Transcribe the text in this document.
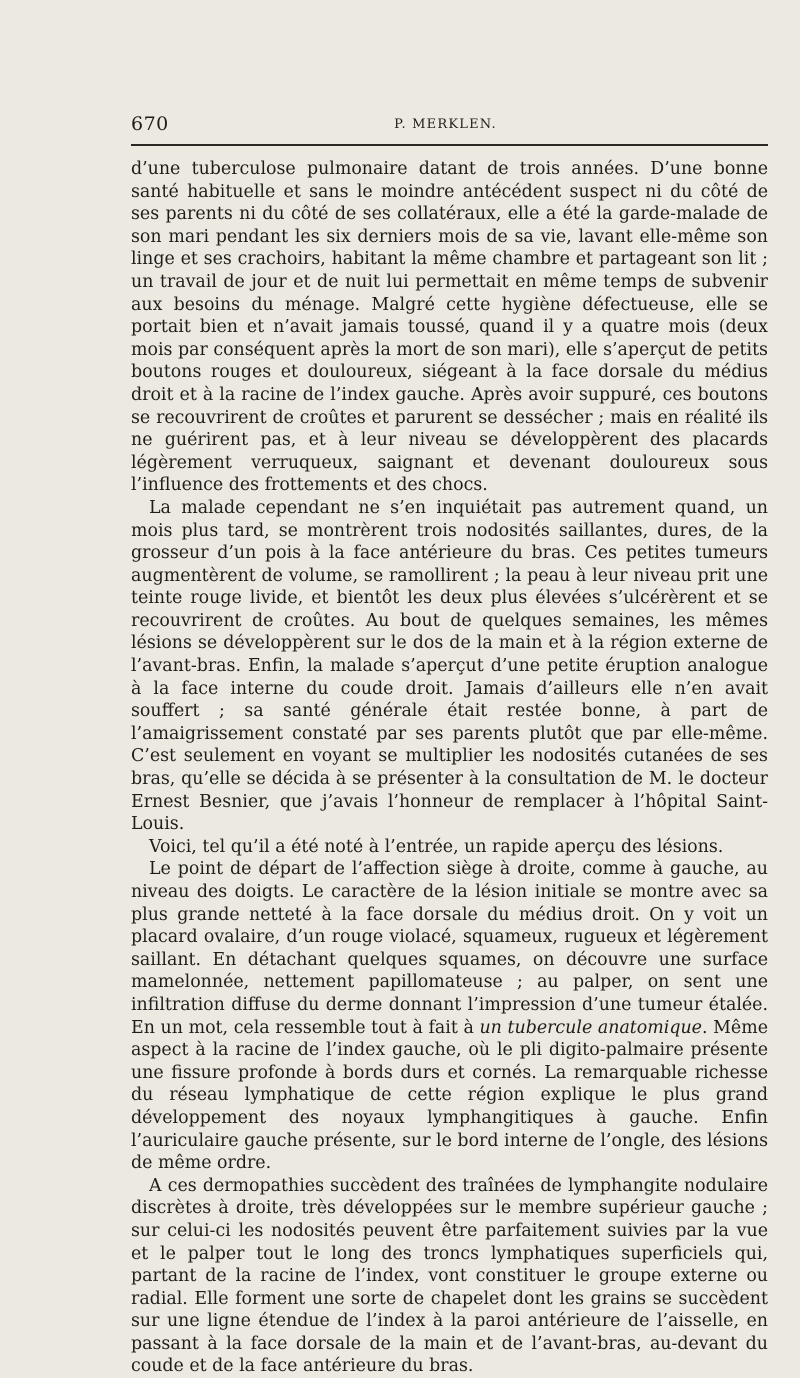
670	P. MERKLEN.

d’une tuberculose pulmonaire datant de trois années. D’une bonne santé habituelle et sans le moindre antécédent suspect ni du côté de ses parents ni du côté de ses collatéraux, elle a été la garde-malade de son mari pendant les six derniers mois de sa vie, lavant elle-même son linge et ses crachoirs, habitant la même chambre et partageant son lit ; un travail de jour et de nuit lui permettait en même temps de subvenir aux besoins du ménage. Malgré cette hygiène défectueuse, elle se portait bien et n’avait jamais toussé, quand il y a quatre mois (deux mois par conséquent après la mort de son mari), elle s’aperçut de petits boutons rouges et douloureux, siégeant à la face dorsale du médius droit et à la racine de l’index gauche. Après avoir suppuré, ces boutons se recouvrirent de croûtes et parurent se dessécher ; mais en réalité ils ne guérirent pas, et à leur niveau se développèrent des placards légèrement verruqueux, saignant et devenant douloureux sous l’influence des frottements et des chocs.

La malade cependant ne s’en inquiétait pas autrement quand, un mois plus tard, se montrèrent trois nodosités saillantes, dures, de la grosseur d’un pois à la face antérieure du bras. Ces petites tumeurs augmentèrent de volume, se ramollirent ; la peau à leur niveau prit une teinte rouge livide, et bientôt les deux plus élevées s’ulcérèrent et se recouvrirent de croûtes. Au bout de quelques semaines, les mêmes lésions se développèrent sur le dos de la main et à la région externe de l’avant-bras. Enfin, la malade s’aperçut d’une petite éruption analogue à la face interne du coude droit. Jamais d’ailleurs elle n’en avait souffert ; sa santé générale était restée bonne, à part de l’amaigrissement constaté par ses parents plutôt que par elle-même. C’est seulement en voyant se multiplier les nodosités cutanées de ses bras, qu’elle se décida à se présenter à la consultation de M. le docteur Ernest Besnier, que j’avais l’honneur de remplacer à l’hôpital Saint-Louis.

Voici, tel qu’il a été noté à l’entrée, un rapide aperçu des lésions.

Le point de départ de l’affection siège à droite, comme à gauche, au niveau des doigts. Le caractère de la lésion initiale se montre avec sa plus grande netteté à la face dorsale du médius droit. On y voit un placard ovalaire, d’un rouge violacé, squameux, rugueux et légèrement saillant. En détachant quelques squames, on découvre une surface mamelonnée, nettement papillomateuse ; au palper, on sent une infiltration diffuse du derme donnant l’impression d’une tumeur étalée. En un mot, cela ressemble tout à fait à un tubercule anatomique. Même aspect à la racine de l’index gauche, où le pli digito-palmaire présente une fissure profonde à bords durs et cornés. La remarquable richesse du réseau lymphatique de cette région explique le plus grand développement des noyaux lymphangitiques à gauche. Enfin l’auriculaire gauche présente, sur le bord interne de l’ongle, des lésions de même ordre.

A ces dermopathies succèdent des traînées de lymphangite nodulaire discrètes à droite, très développées sur le membre supérieur gauche ; sur celui-ci les nodosités peuvent être parfaitement suivies par la vue et le palper tout le long des troncs lymphatiques superficiels qui, partant de la racine de l’index, vont constituer le groupe externe ou radial. Elle forment une sorte de chapelet dont les grains se succèdent sur une ligne étendue de l’index à la paroi antérieure de l’aisselle, en passant à la face dorsale de la main et de l’avant-bras, au-devant du coude et de la face antérieure du bras.
